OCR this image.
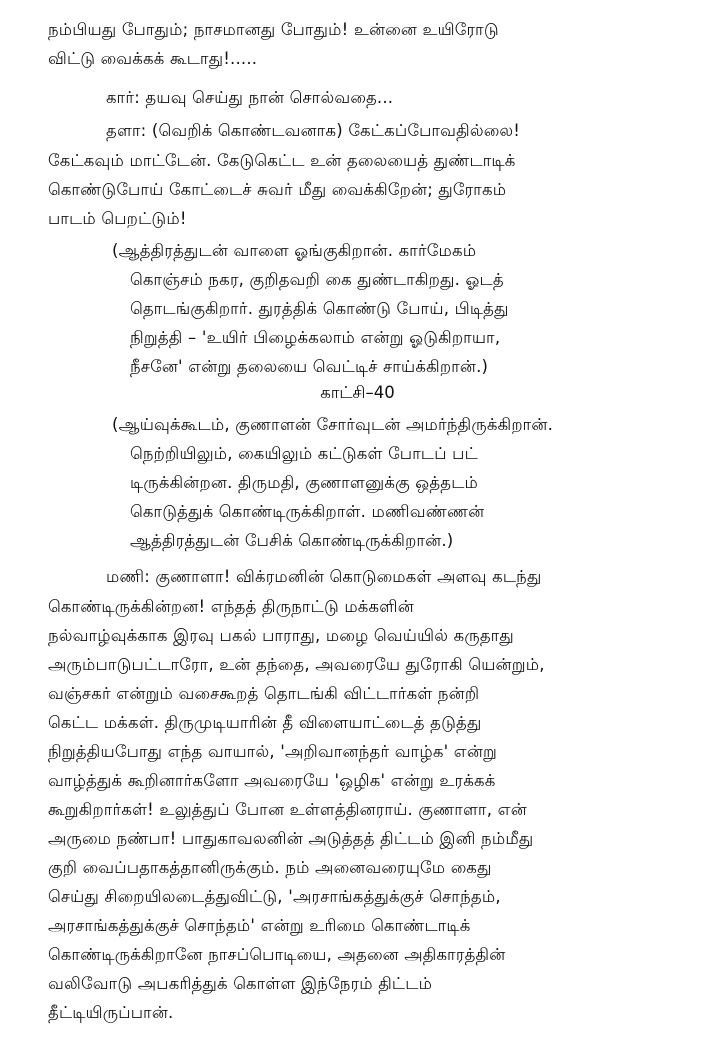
நம்பியது போதும்; நாசமானது போதும்! உன்னை உயிரோடு
விட்டு வைக்கக் கூடாது!.....
கார்: தயவு செய்து நான் சொல்வதை...
தளா: (வெறிக் கொண்டவனாக) கேட்கப்போவதில்லை!
கேட்கவும் மாட்டேன். கேடுகெட்ட உன் தலையைத் துண்டாடிக்
கொண்டுபோய் கோட்டைச் சுவர் மீது வைக்கிறேன்; துரோகம்
பாடம் பெறட்டும்!
(ஆத்திரத்துடன் வாளை ஓங்குகிறான். கார்மேகம்
கொஞ்சம் நகர, குறிதவறி கை துண்டாகிறது. ஓடத்
தொடங்குகிறார். துரத்திக் கொண்டு போய், பிடித்து
நிறுத்தி – 'உயிர் பிழைக்கலாம் என்று ஓடுகிறாயா,
நீசனே' என்று தலையை வெட்டிச் சாய்க்கிறான்.)
காட்சி–40
(ஆய்வுக்கூடம், குணாளன் சோர்வுடன் அமர்ந்திருக்கிறான்.
நெற்றியிலும், கையிலும் கட்டுகள் போடப் பட்
டிருக்கின்றன. திருமதி, குணாளனுக்கு ஒத்தடம்
கொடுத்துக் கொண்டிருக்கிறாள். மணிவண்ணன்
ஆத்திரத்துடன் பேசிக் கொண்டிருக்கிறான்.)
மணி: குணாளா! விக்ரமனின் கொடுமைகள் அளவு கடந்து
கொண்டிருக்கின்றன! எந்தத் திருநாட்டு மக்களின்
நல்வாழ்வுக்காக இரவு பகல் பாராது, மழை வெய்யில் கருதாது
அரும்பாடுபட்டாரோ, உன் தந்தை, அவரையே துரோகி யென்றும்,
வஞ்சகர் என்றும் வசைகூறத் தொடங்கி விட்டார்கள் நன்றி
கெட்ட மக்கள். திருமுடியாரின் தீ விளையாட்டைத் தடுத்து
நிறுத்தியபோது எந்த வாயால், 'அறிவானந்தர் வாழ்க' என்று
வாழ்த்துக் கூறினார்களோ அவரையே 'ஒழிக' என்று உரக்கக்
கூறுகிறார்கள்! உலுத்துப் போன உள்ளத்தினராய். குணாளா, என்
அருமை நண்பா! பாதுகாவலனின் அடுத்தத் திட்டம் இனி நம்மீது
குறி வைப்பதாகத்தானிருக்கும். நம் அனைவரையுமே கைது
செய்து சிறையிலடைத்துவிட்டு, 'அரசாங்கத்துக்குச் சொந்தம்,
அரசாங்கத்துக்குச் சொந்தம்' என்று உரிமை கொண்டாடிக்
கொண்டிருக்கிறானே நாசப்பொடியை, அதனை அதிகாரத்தின்
வலிவோடு அபகரித்துக் கொள்ள இந்நேரம் திட்டம்
தீட்டியிருப்பான்.
